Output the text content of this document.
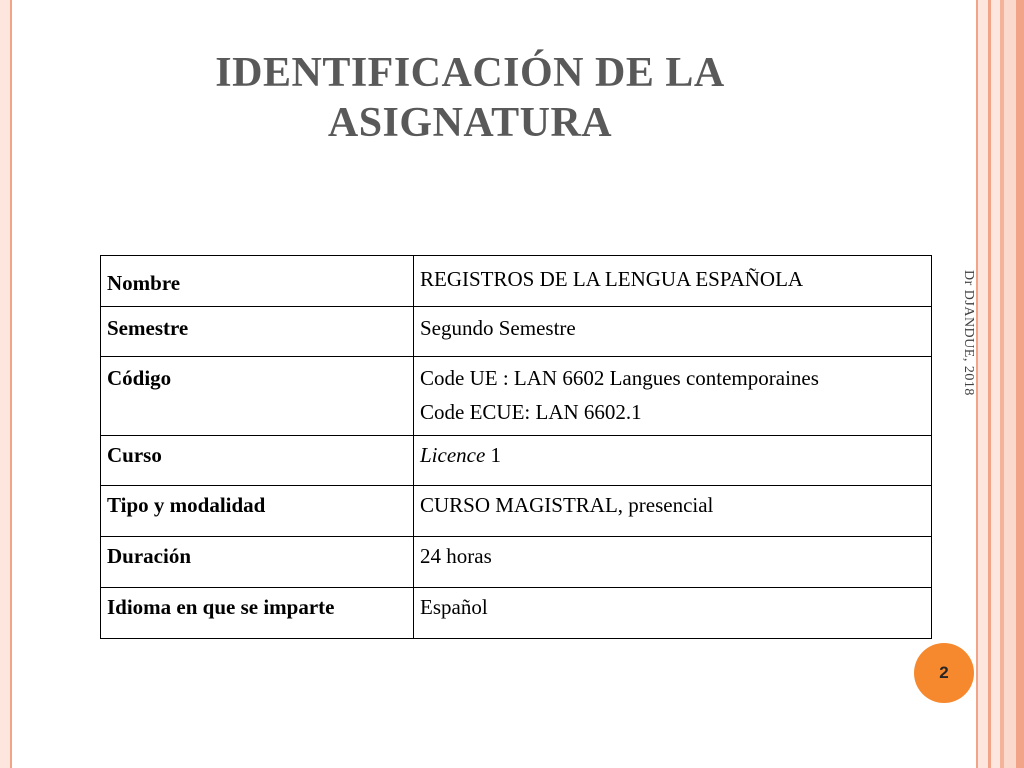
IDENTIFICACIÓN DE LA
ASIGNATURA
Nombre	REGISTROS DE LA LENGUA ESPAÑOLA
Semestre	Segundo Semestre
Código	Code UE : LAN 6602 Langues contemporaines
Code ECUE: LAN 6602.1

Curso	Licence 1
Tipo y modalidad	CURSO MAGISTRAL, presencial
Duración	24 horas
Idioma en que se imparte	Español
Dr DJANDUE, 2018
2
